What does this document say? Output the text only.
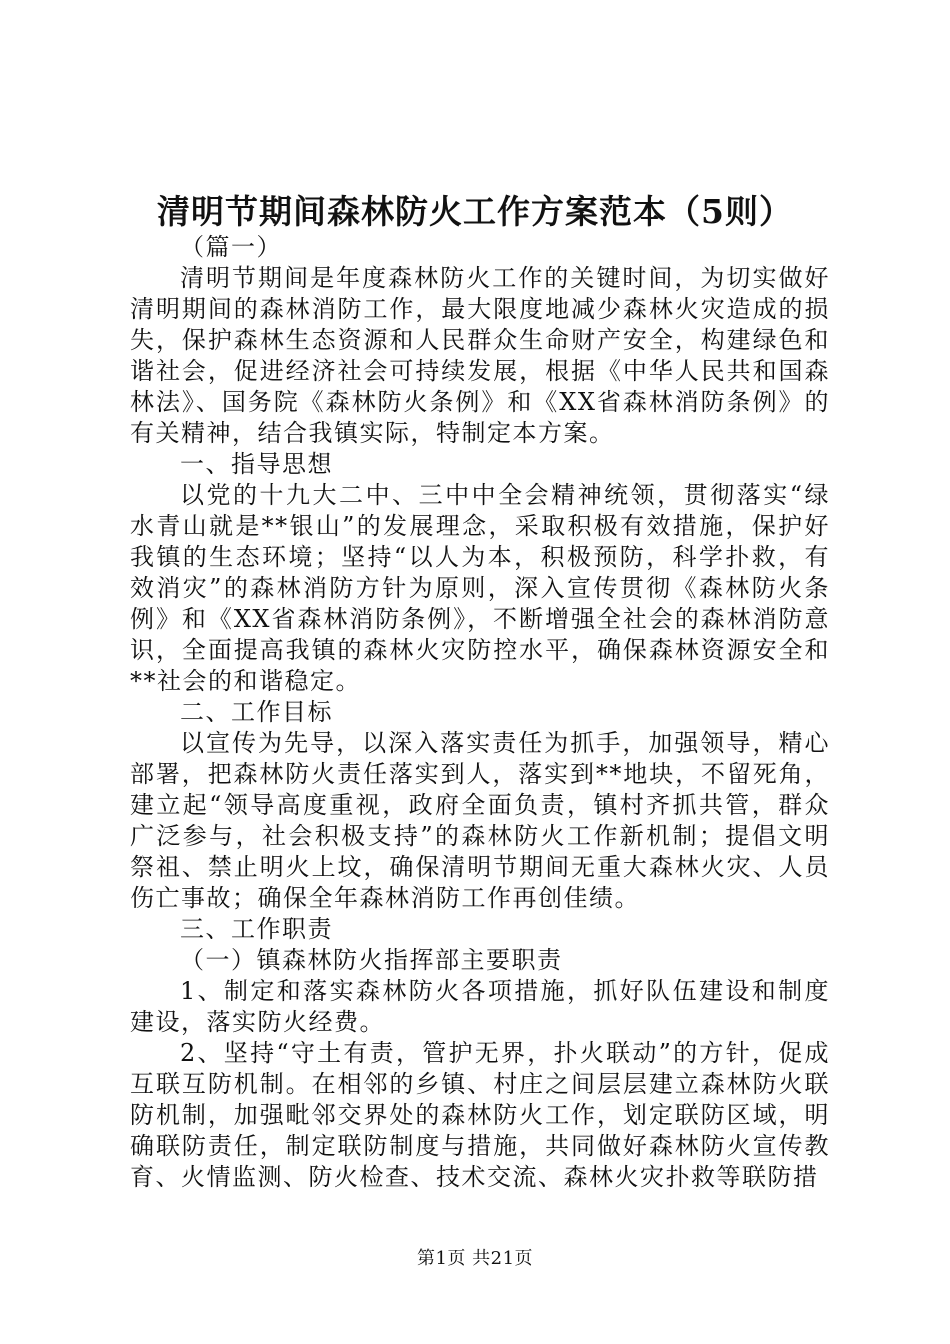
清明节期间森林防火工作方案范本（5则）

（篇一）

清明节期间是年度森林防火工作的关键时间，为切实做好清明期间的森林消防工作，最大限度地减少森林火灾造成的损失，保护森林生态资源和人民群众生命财产安全，构建绿色和谐社会，促进经济社会可持续发展，根据《中华人民共和国森林法》、国务院《森林防火条例》和《XX省森林消防条例》的有关精神，结合我镇实际，特制定本方案。

一、指导思想

以党的十九大二中、三中中全会精神统领，贯彻落实“绿水青山就是**银山”的发展理念，采取积极有效措施，保护好我镇的生态环境；坚持“以人为本，积极预防，科学扑救，有效消灾”的森林消防方针为原则，深入宣传贯彻《森林防火条例》和《XX省森林消防条例》，不断增强全社会的森林消防意识，全面提高我镇的森林火灾防控水平，确保森林资源安全和**社会的和谐稳定。

二、工作目标

以宣传为先导，以深入落实责任为抓手，加强领导，精心部署，把森林防火责任落实到人，落实到**地块，不留死角，建立起“领导高度重视，政府全面负责，镇村齐抓共管，群众广泛参与，社会积极支持”的森林防火工作新机制；提倡文明祭祖、禁止明火上坟，确保清明节期间无重大森林火灾、人员伤亡事故；确保全年森林消防工作再创佳绩。

三、工作职责

（一）镇森林防火指挥部主要职责

1、制定和落实森林防火各项措施，抓好队伍建设和制度建设，落实防火经费。

2、坚持“守土有责，管护无界，扑火联动”的方针，促成互联互防机制。在相邻的乡镇、村庄之间层层建立森林防火联防机制，加强毗邻交界处的森林防火工作，划定联防区域，明确联防责任，制定联防制度与措施，共同做好森林防火宣传教育、火情监测、防火检查、技术交流、森林火灾扑救等联防措

第1页 共21页
